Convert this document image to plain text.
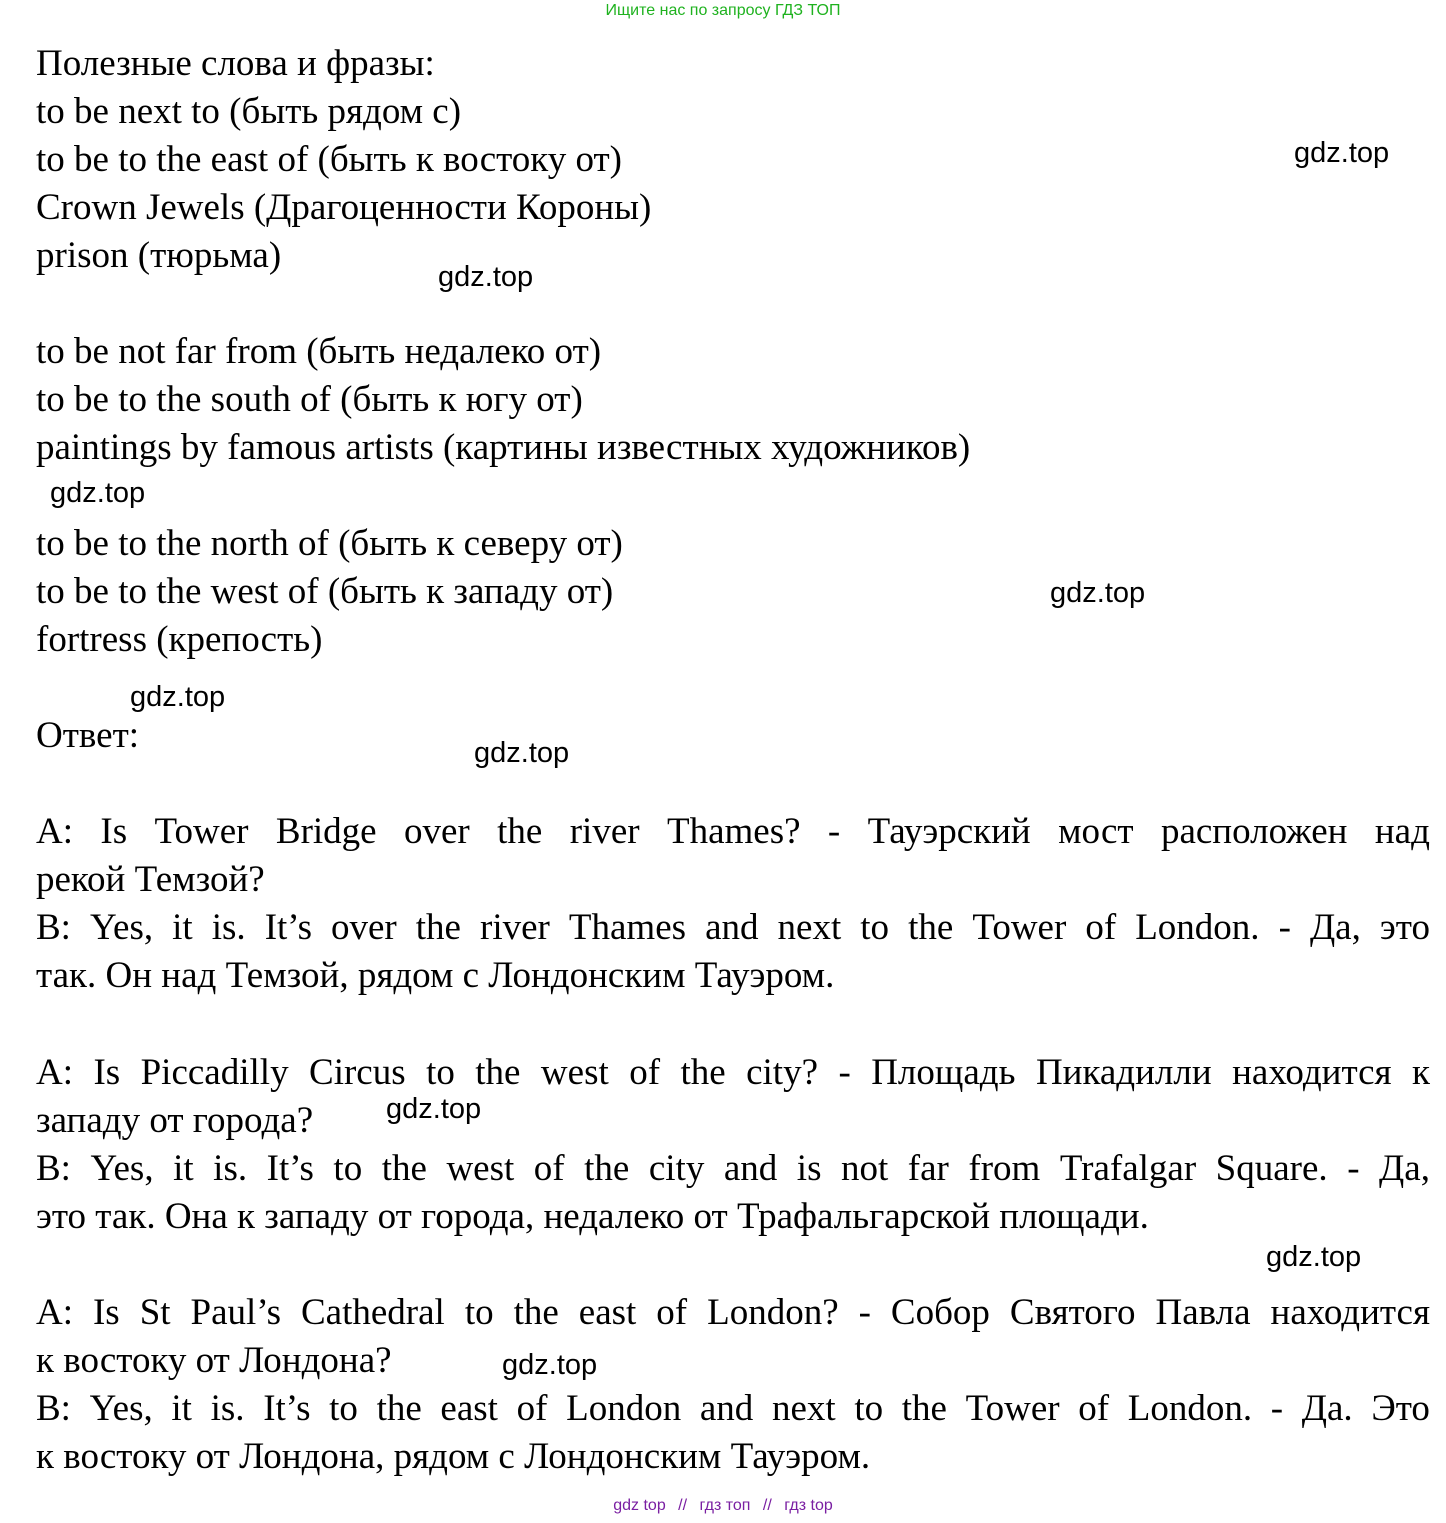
Ищите нас по запросу ГДЗ ТОП
Полезные слова и фразы:
to be next to (быть рядом с)
to be to the east of (быть к востоку от)
Crown Jewels (Драгоценности Короны)
prison (тюрьма)
to be not far from (быть недалеко от)
to be to the south of (быть к югу от)
paintings by famous artists (картины известных художников)
to be to the north of (быть к северу от)
to be to the west of (быть к западу от)
fortress (крепость)
Ответ:
A: Is Tower Bridge over the river Thames? - Тауэрский мост расположен над
рекой Темзой?
B: Yes, it is. It’s over the river Thames and next to the Tower of London. - Да, это
так. Он над Темзой, рядом с Лондонским Тауэром.
A: Is Piccadilly Circus to the west of the city? - Площадь Пикадилли находится к
западу от города?
B: Yes, it is. It’s to the west of the city and is not far from Trafalgar Square. - Да,
это так. Она к западу от города, недалеко от Трафальгарской площади.
A: Is St Paul’s Cathedral to the east of London? - Собор Святого Павла находится
к востоку от Лондона?
B: Yes, it is. It’s to the east of London and next to the Tower of London. - Да. Это
к востоку от Лондона, рядом с Лондонским Тауэром.
gdz.top
gdz.top
gdz.top
gdz.top
gdz.top
gdz.top
gdz.top
gdz.top
gdz.top
gdz top // гдз топ // гдз top
